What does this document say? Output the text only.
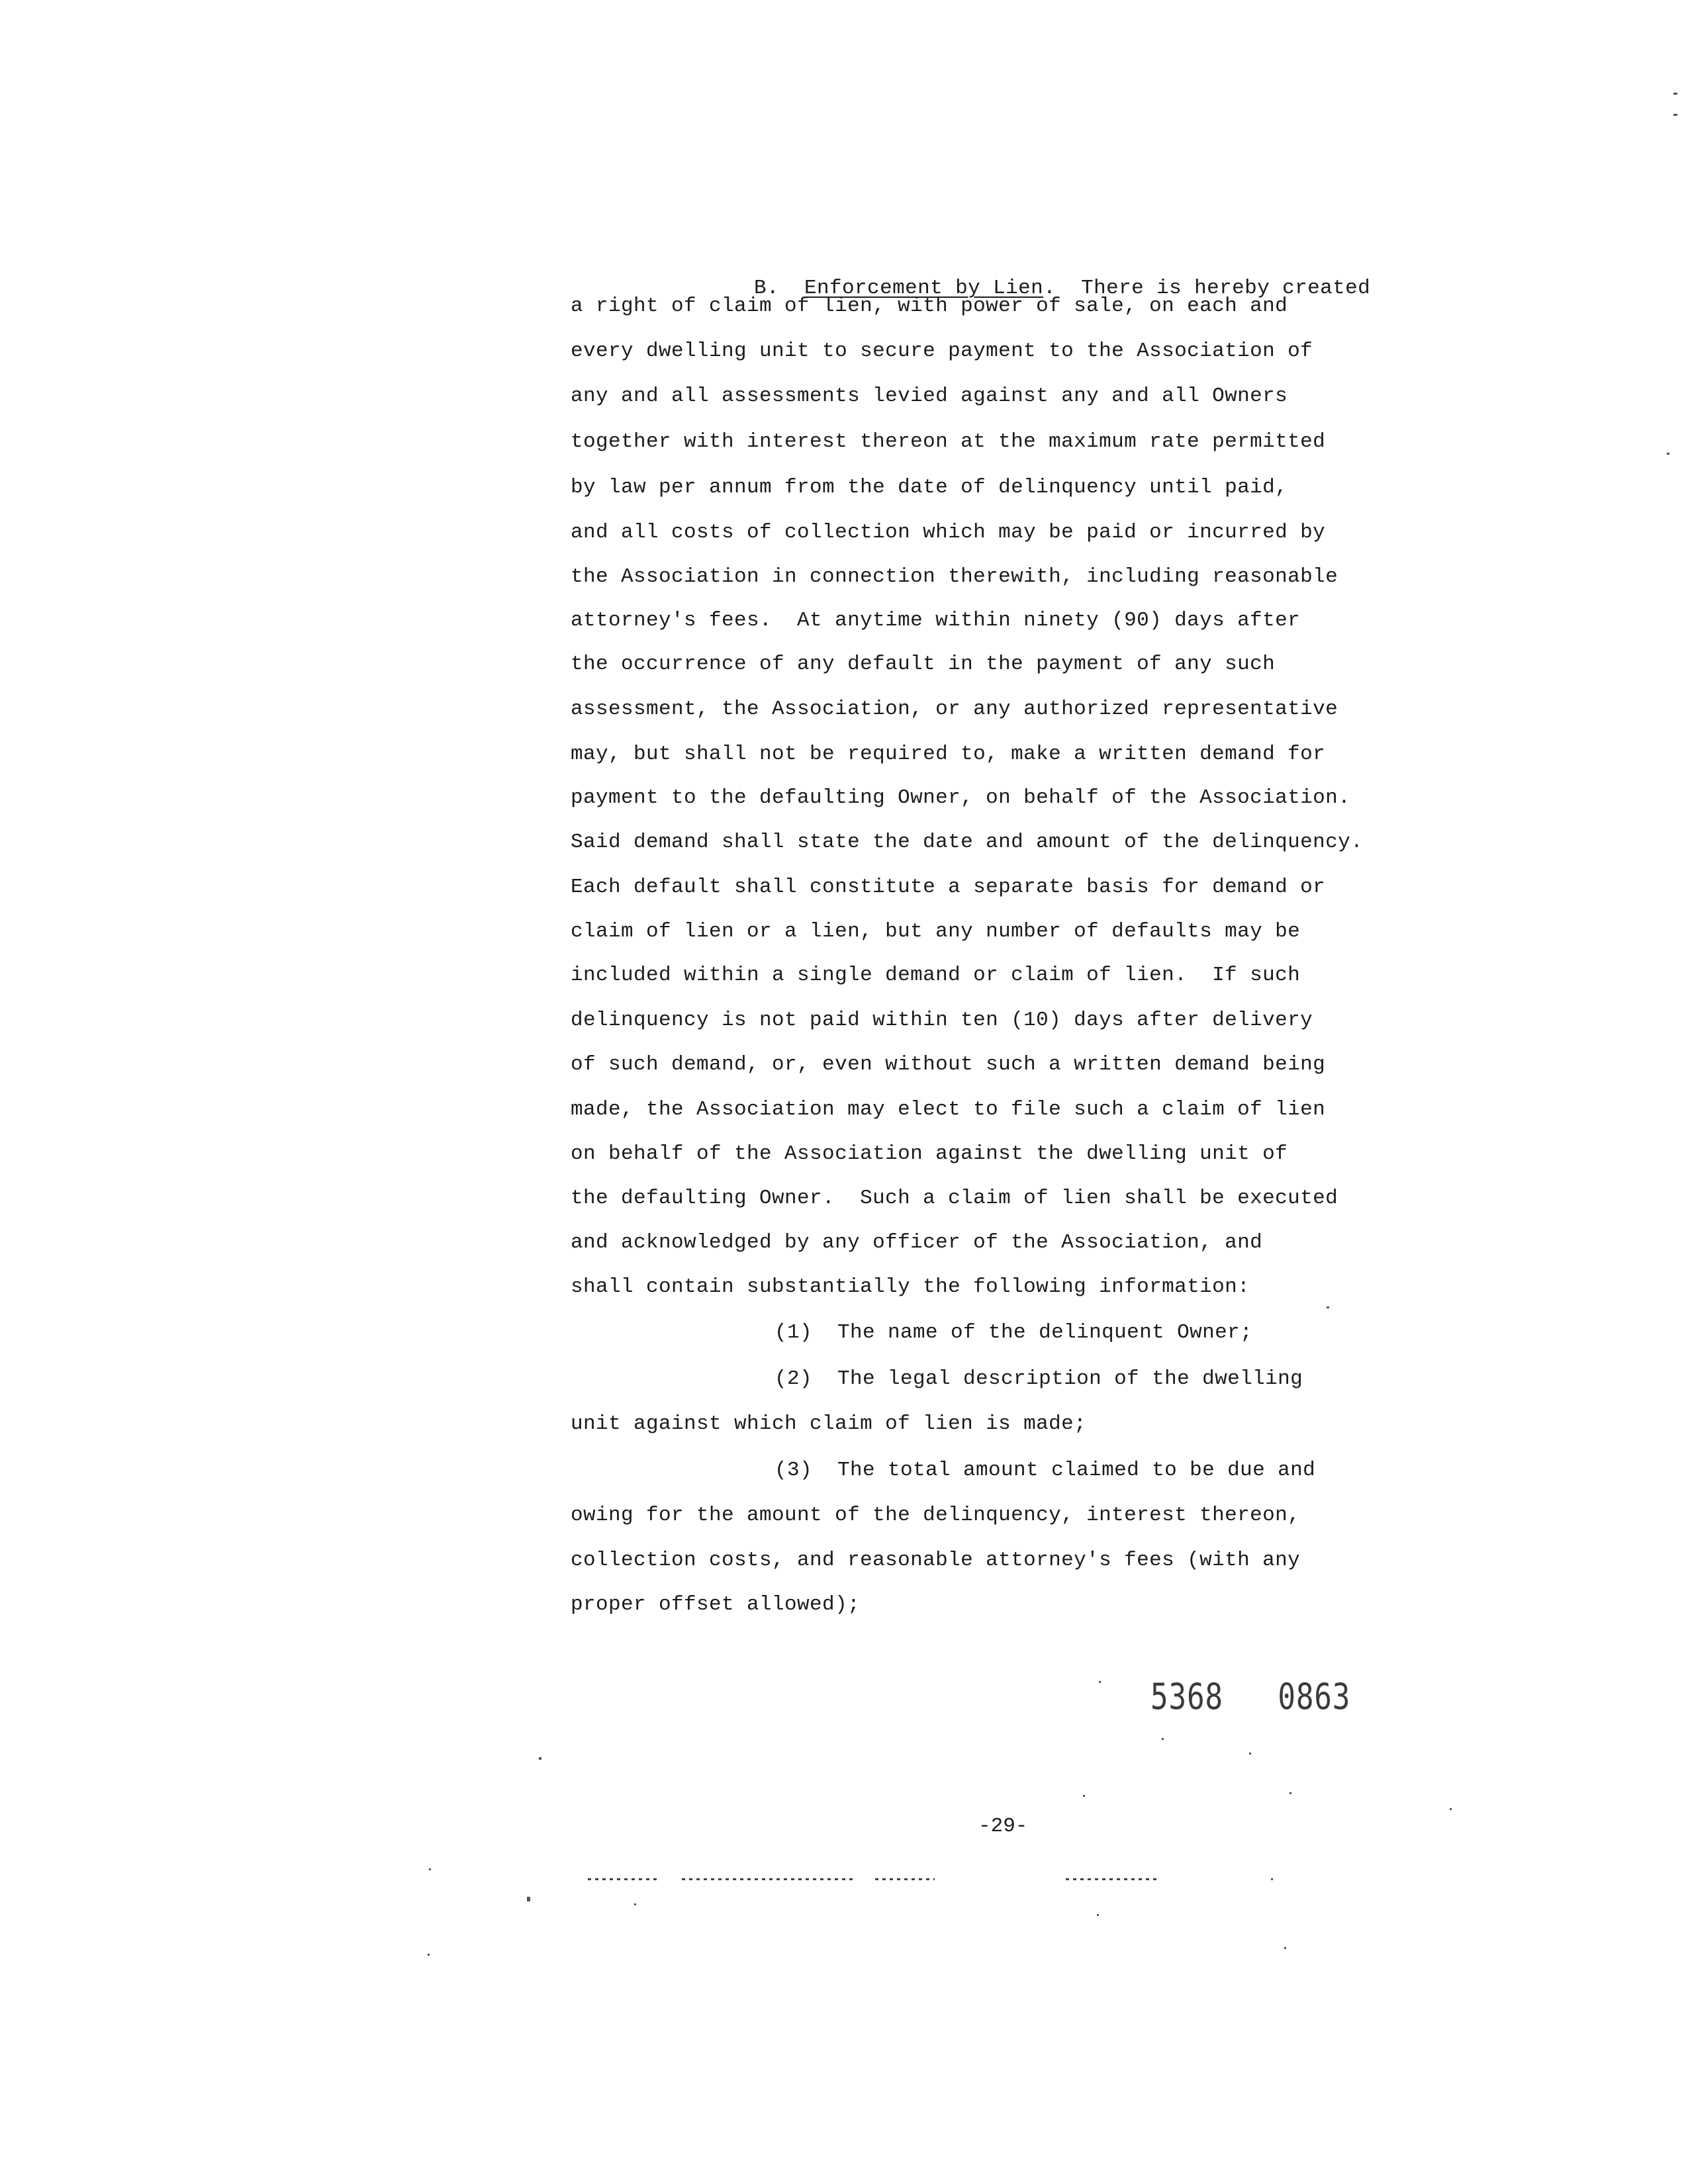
B. Enforcement by Lien.  There is hereby created

a right of claim of lien, with power of sale, on each and
every dwelling unit to secure payment to the Association of
any and all assessments levied against any and all Owners
together with interest thereon at the maximum rate permitted
by law per annum from the date of delinquency until paid,
and all costs of collection which may be paid or incurred by
the Association in connection therewith, including reasonable
attorney's fees.  At anytime within ninety (90) days after
the occurrence of any default in the payment of any such
assessment, the Association, or any authorized representative
may, but shall not be required to, make a written demand for
payment to the defaulting Owner, on behalf of the Association.
Said demand shall state the date and amount of the delinquency.
Each default shall constitute a separate basis for demand or
claim of lien or a lien, but any number of defaults may be
included within a single demand or claim of lien.  If such
delinquency is not paid within ten (10) days after delivery
of such demand, or, even without such a written demand being
made, the Association may elect to file such a claim of lien
on behalf of the Association against the dwelling unit of
the defaulting Owner.  Such a claim of lien shall be executed
and acknowledged by any officer of the Association, and
shall contain substantially the following information:
(1)  The name of the delinquent Owner;
(2)  The legal description of the dwelling
unit against which claim of lien is made;
(3)  The total amount claimed to be due and
owing for the amount of the delinquency, interest thereon,
collection costs, and reasonable attorney's fees (with any
proper offset allowed);
5368   0863
-29-
